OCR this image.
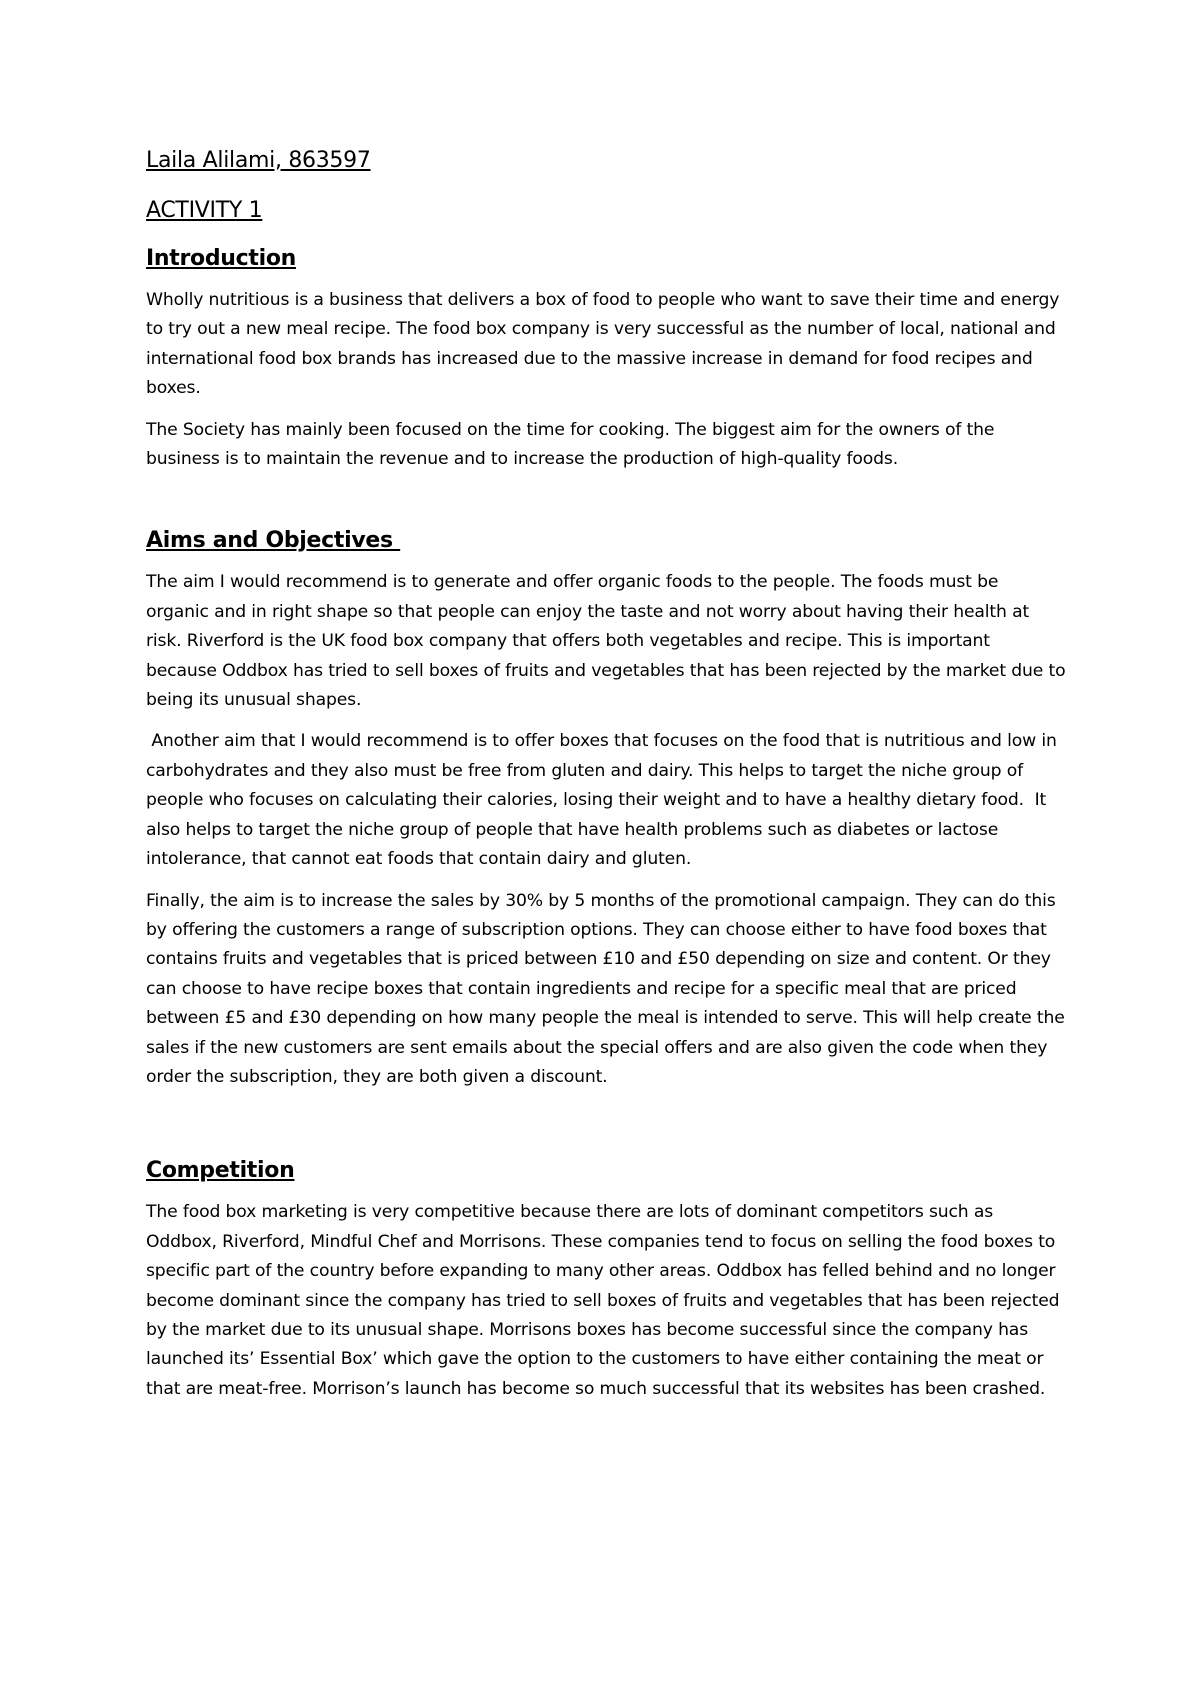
Laila Alilami, 863597
ACTIVITY 1
Introduction

Wholly nutritious is a business that delivers a box of food to people who want to save their time and energy to try out a new meal recipe. The food box company is very successful as the number of local, national and international food box brands has increased due to the massive increase in demand for food recipes and boxes.

The Society has mainly been focused on the time for cooking. The biggest aim for the owners of the business is to maintain the revenue and to increase the production of high-quality foods.

Aims and Objectives

The aim I would recommend is to generate and offer organic foods to the people. The foods must be organic and in right shape so that people can enjoy the taste and not worry about having their health at risk. Riverford is the UK food box company that offers both vegetables and recipe. This is important because Oddbox has tried to sell boxes of fruits and vegetables that has been rejected by the market due to being its unusual shapes.

Another aim that I would recommend is to offer boxes that focuses on the food that is nutritious and low in carbohydrates and they also must be free from gluten and dairy. This helps to target the niche group of people who focuses on calculating their calories, losing their weight and to have a healthy dietary food.  It also helps to target the niche group of people that have health problems such as diabetes or lactose intolerance, that cannot eat foods that contain dairy and gluten.

Finally, the aim is to increase the sales by 30% by 5 months of the promotional campaign. They can do this by offering the customers a range of subscription options. They can choose either to have food boxes that contains fruits and vegetables that is priced between £10 and £50 depending on size and content. Or they can choose to have recipe boxes that contain ingredients and recipe for a specific meal that are priced between £5 and £30 depending on how many people the meal is intended to serve. This will help create the sales if the new customers are sent emails about the special offers and are also given the code when they order the subscription, they are both given a discount.

Competition

The food box marketing is very competitive because there are lots of dominant competitors such as Oddbox, Riverford, Mindful Chef and Morrisons. These companies tend to focus on selling the food boxes to specific part of the country before expanding to many other areas. Oddbox has felled behind and no longer become dominant since the company has tried to sell boxes of fruits and vegetables that has been rejected by the market due to its unusual shape. Morrisons boxes has become successful since the company has launched its’ Essential Box’ which gave the option to the customers to have either containing the meat or that are meat-free. Morrison’s launch has become so much successful that its websites has been crashed.
